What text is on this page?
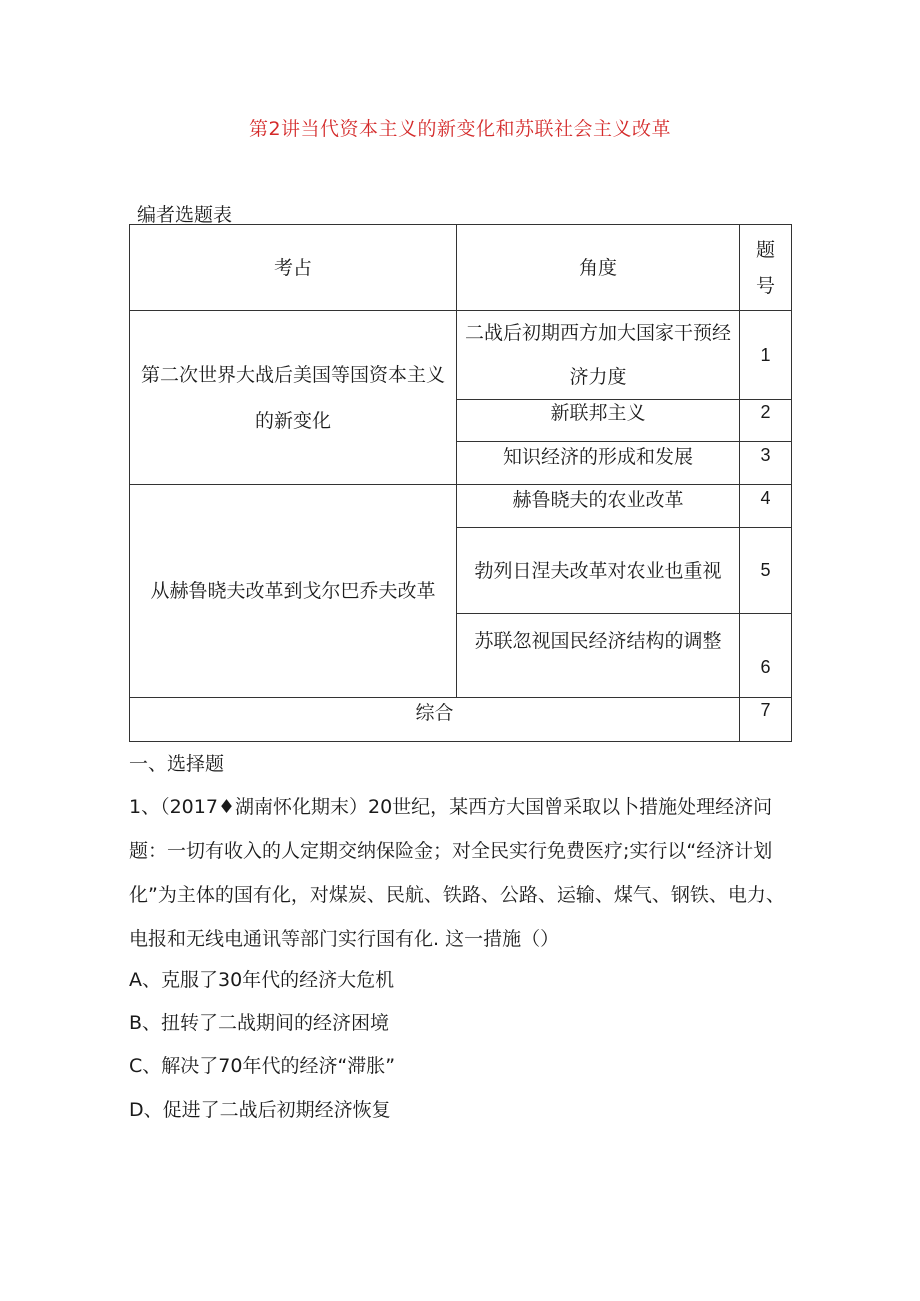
第2讲当代资本主义的新变化和苏联社会主义改革
编者选题表
考占	角度	题
号

第二次世界大战后美国等国资本主义的新变化	二战后初期西方加大国家干预经济力度	1
	新联邦主义	2
	知识经济的形成和发展	3
从赫鲁晓夫改革到戈尔巴乔夫改革	赫鲁晓夫的农业改革	4
	勃列日涅夫改革对农业也重视	5
	苏联忽视国民经济结构的调整	6
综合		7
一、选择题
1、（2017♦湖南怀化期末）20世纪，某西方大国曾采取以卜措施处理经济问题：一切有收入的人定期交纳保险金；对全民实行免费医疗;实行以“经济计划化”为主体的国有化，对煤炭、民航、铁路、公路、运输、煤气、钢铁、电力、电报和无线电通讯等部门实行国有化. 这一措施（）
A、克服了30年代的经济大危机
B、扭转了二战期间的经济困境
C、解决了70年代的经济“滞胀”
D、促进了二战后初期经济恢复
